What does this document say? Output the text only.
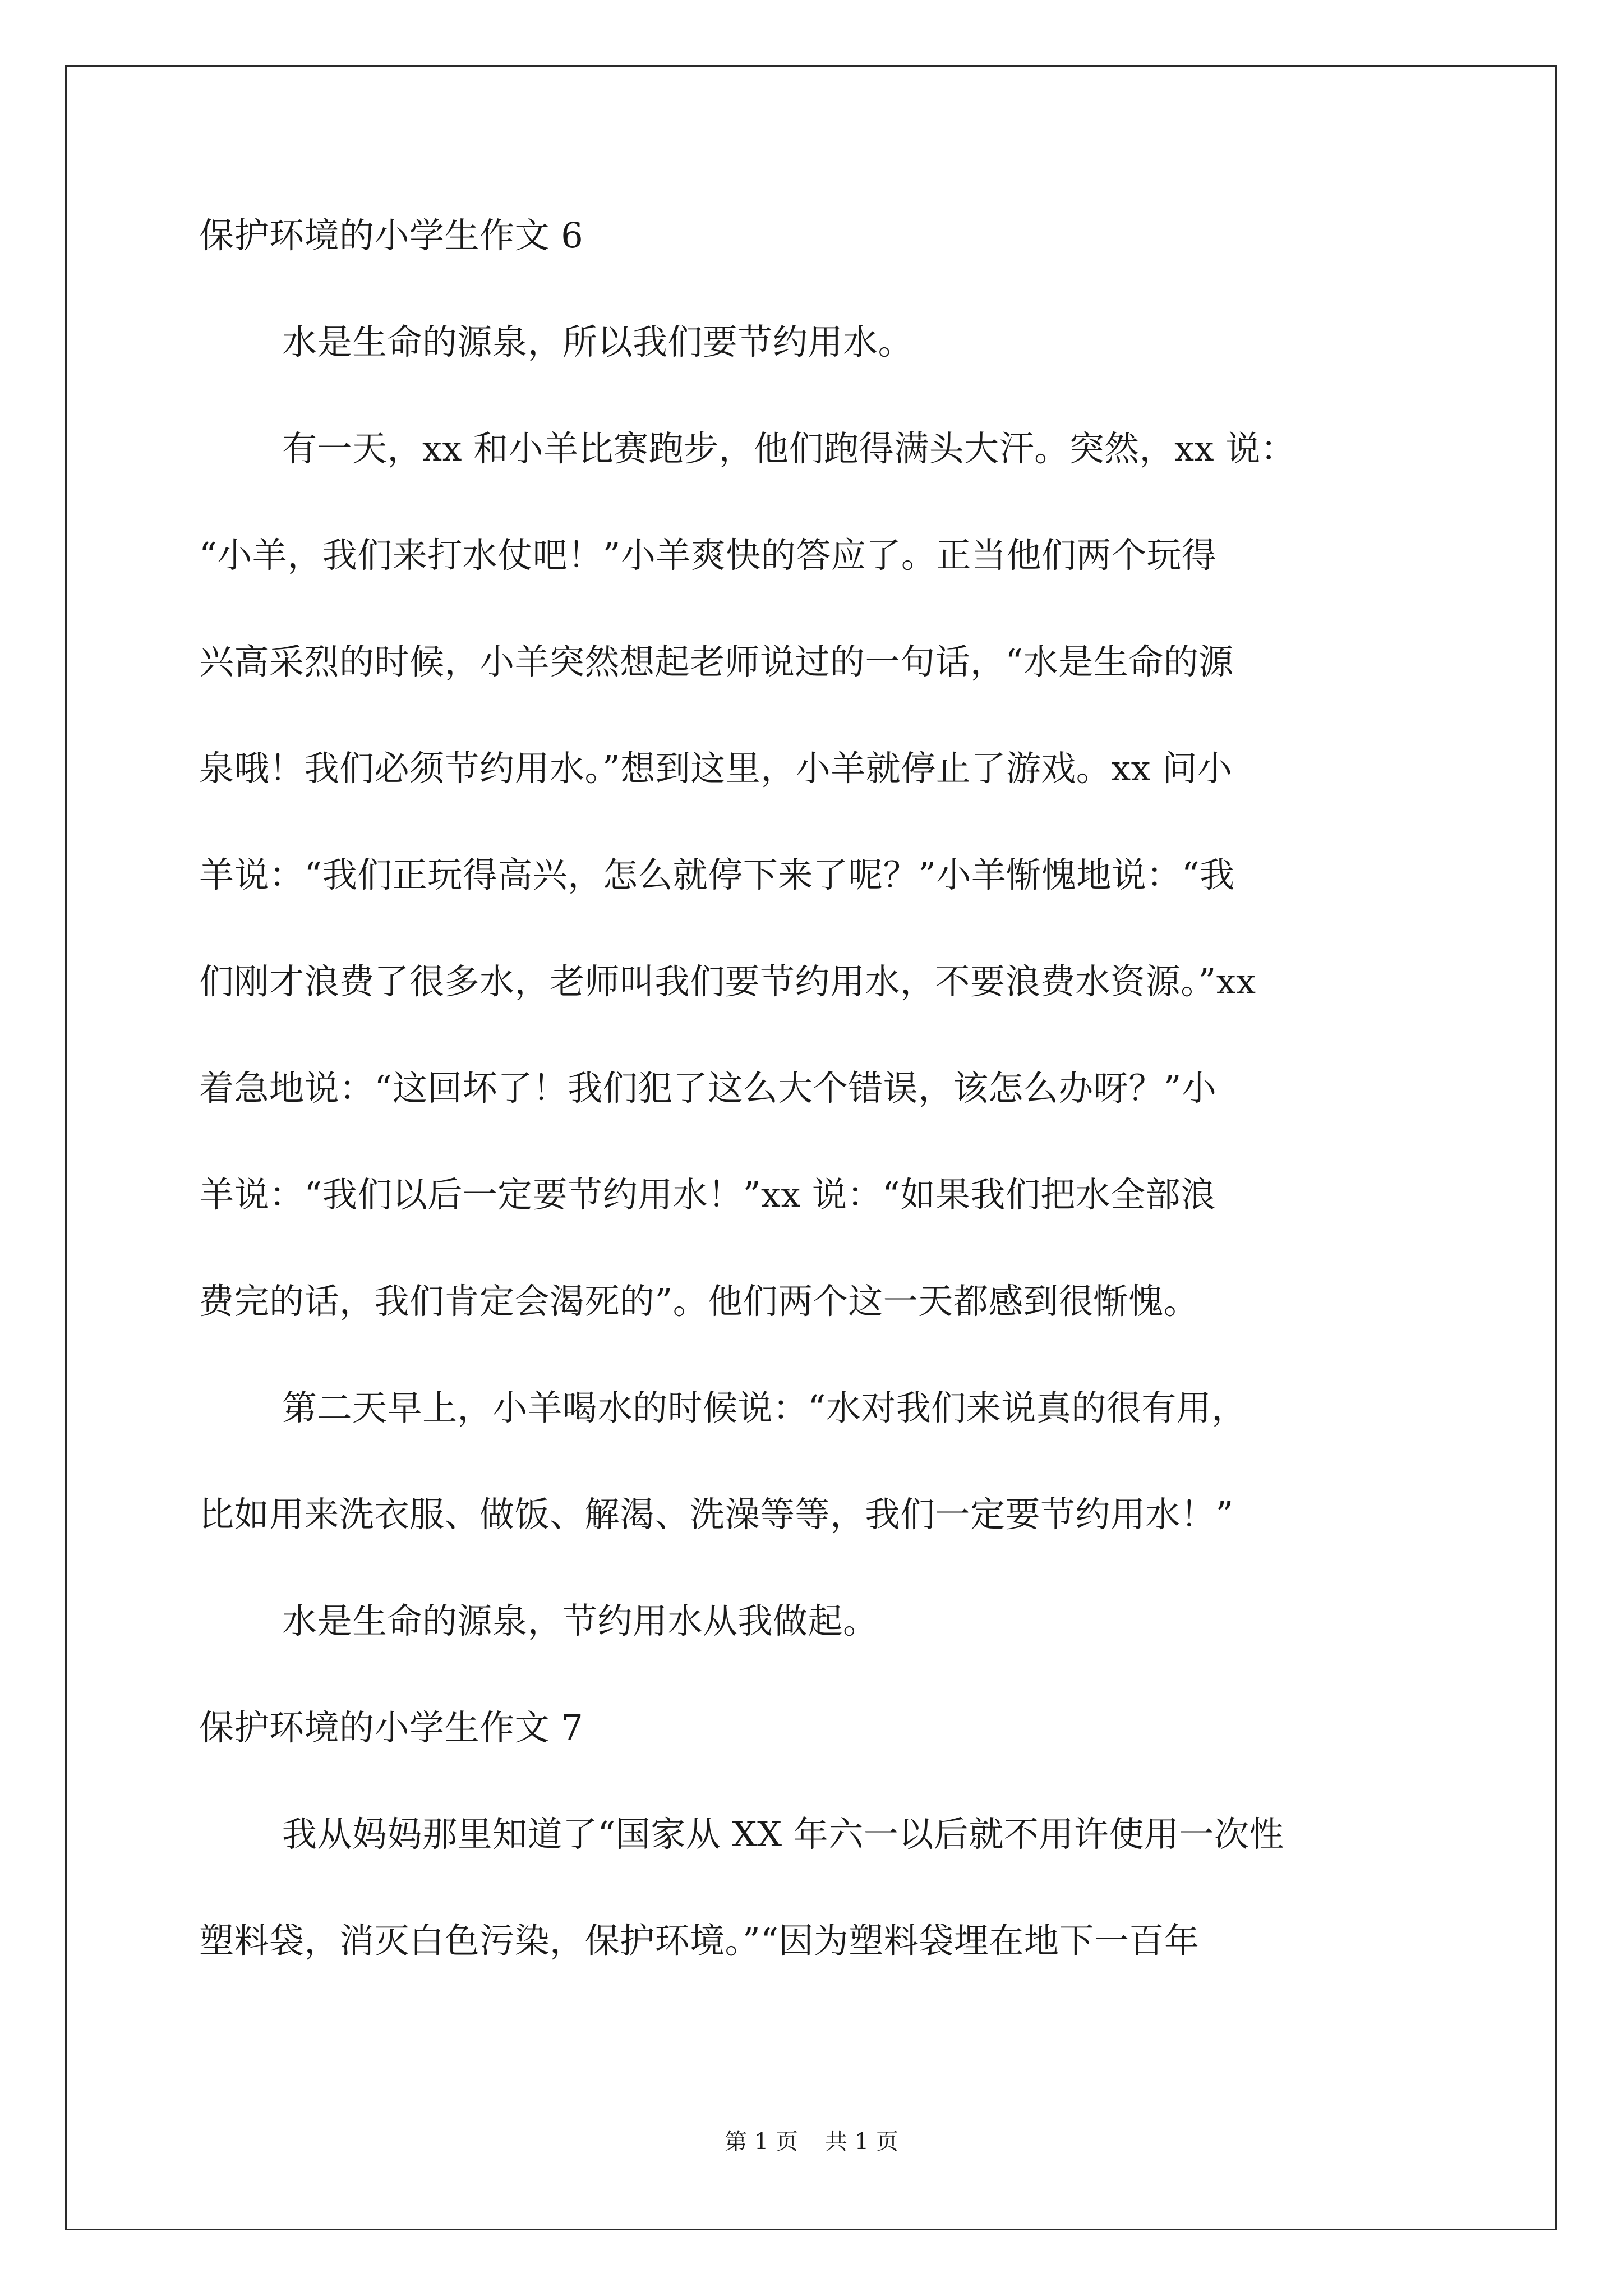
保护环境的小学生作文 6
水是生命的源泉，所以我们要节约用水。
有一天，xx 和小羊比赛跑步，他们跑得满头大汗。突然，xx 说：
“小羊，我们来打水仗吧！”小羊爽快的答应了。正当他们两个玩得
兴高采烈的时候，小羊突然想起老师说过的一句话，“水是生命的源
泉哦！我们必须节约用水。”想到这里，小羊就停止了游戏。xx 问小
羊说：“我们正玩得高兴，怎么就停下来了呢？”小羊惭愧地说：“我
们刚才浪费了很多水，老师叫我们要节约用水，不要浪费水资源。”xx
着急地说：“这回坏了！我们犯了这么大个错误，该怎么办呀？”小
羊说：“我们以后一定要节约用水！”xx 说：“如果我们把水全部浪
费完的话，我们肯定会渴死的”。他们两个这一天都感到很惭愧。
第二天早上，小羊喝水的时候说：“水对我们来说真的很有用，
比如用来洗衣服、做饭、解渴、洗澡等等，我们一定要节约用水！”
水是生命的源泉，节约用水从我做起。
保护环境的小学生作文 7
我从妈妈那里知道了“国家从 XX 年六一以后就不用许使用一次性
塑料袋，消灭白色污染，保护环境。”“因为塑料袋埋在地下一百年
第 1 页 共 1 页
